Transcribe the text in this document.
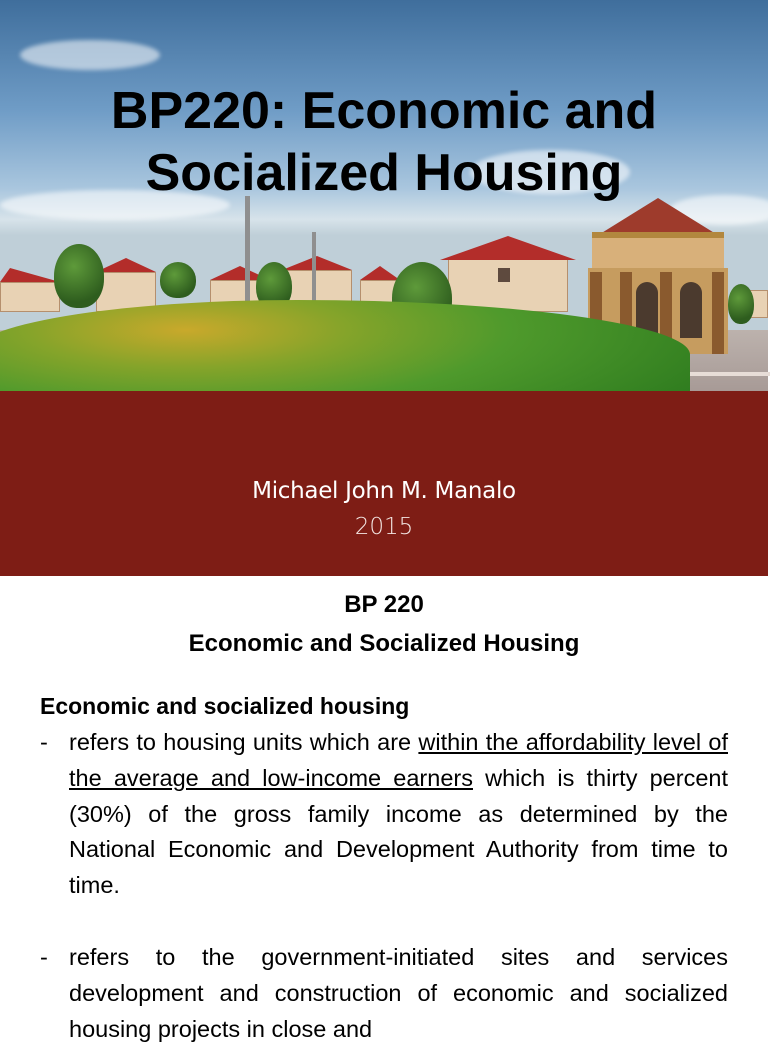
BP220: Economic and
Socialized Housing
Michael John M. Manalo
2015
BP 220
Economic and Socialized Housing
Economic and socialized housing
- refers to housing units which are within the affordability level of the average and low-income earners which is thirty percent (30%) of the gross family income as determined by the National Economic and Development Authority from time to time.
- refers to the government-initiated sites and services development and construction of economic and socialized housing projects in close and
